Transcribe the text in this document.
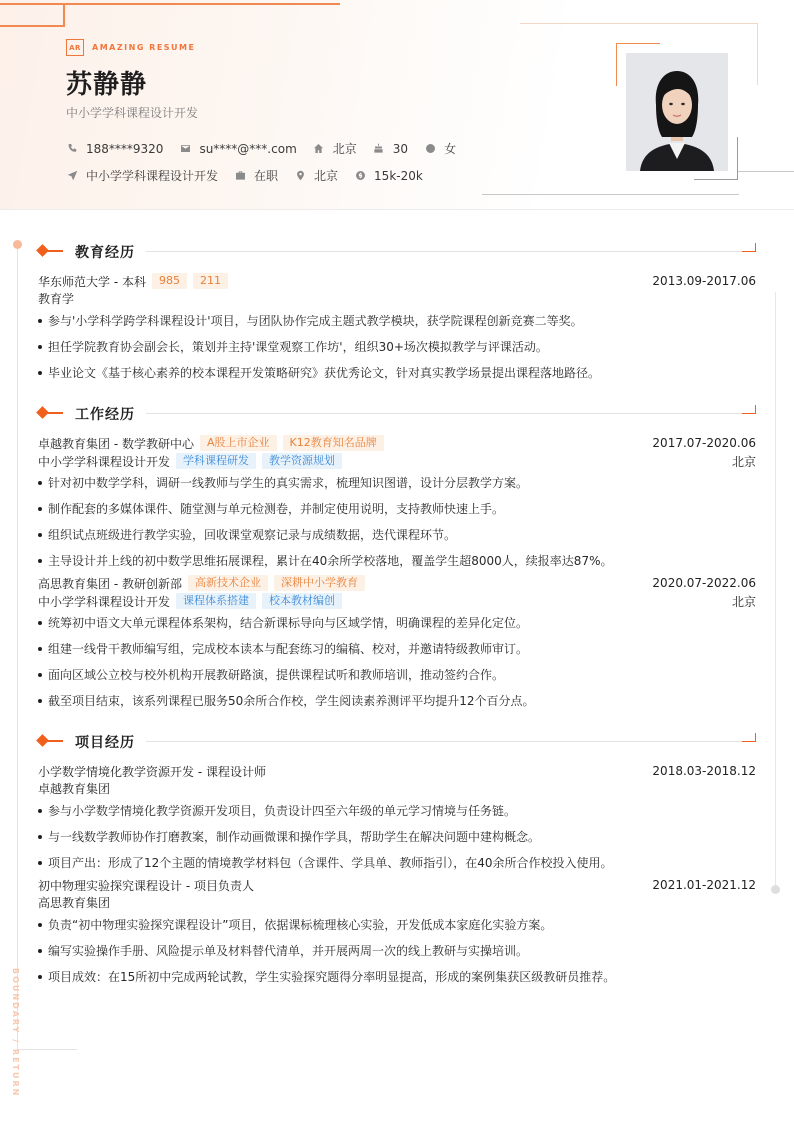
AR	AMAZING RESUME
苏静静
中小学学科课程设计开发
188****9320	su****@***.com	北京	30	女
中小学学科课程设计开发	在职	北京	15k-20k
BOUNDARY / RETURN
教育经历
华东师范大学 - 本科	985	211	2013.09-2017.06
教育学
参与'小学科学跨学科课程设计'项目，与团队协作完成主题式教学模块，获学院课程创新竞赛二等奖。
担任学院教育协会副会长，策划并主持'课堂观察工作坊'，组织30+场次模拟教学与评课活动。
毕业论文《基于核心素养的校本课程开发策略研究》获优秀论文，针对真实教学场景提出课程落地路径。
工作经历
卓越教育集团 - 数学教研中心	A股上市企业	K12教育知名品牌	2017.07-2020.06
中小学学科课程设计开发	学科课程研发	教学资源规划	北京
针对初中数学学科，调研一线教师与学生的真实需求，梳理知识图谱，设计分层教学方案。
制作配套的多媒体课件、随堂测与单元检测卷，并制定使用说明，支持教师快速上手。
组织试点班级进行教学实验，回收课堂观察记录与成绩数据，迭代课程环节。
主导设计并上线的初中数学思维拓展课程，累计在40余所学校落地，覆盖学生超8000人，续报率达87%。
高思教育集团 - 教研创新部	高新技术企业	深耕中小学教育	2020.07-2022.06
中小学学科课程设计开发	课程体系搭建	校本教材编创	北京
统筹初中语文大单元课程体系架构，结合新课标导向与区域学情，明确课程的差异化定位。
组建一线骨干教师编写组，完成校本读本与配套练习的编稿、校对，并邀请特级教师审订。
面向区域公立校与校外机构开展教研路演，提供课程试听和教师培训，推动签约合作。
截至项目结束，该系列课程已服务50余所合作校，学生阅读素养测评平均提升12个百分点。
项目经历
小学数学情境化教学资源开发 - 课程设计师	2018.03-2018.12
卓越教育集团
参与小学数学情境化教学资源开发项目，负责设计四至六年级的单元学习情境与任务链。
与一线数学教师协作打磨教案，制作动画微课和操作学具，帮助学生在解决问题中建构概念。
项目产出：形成了12个主题的情境教学材料包（含课件、学具单、教师指引），在40余所合作校投入使用。
初中物理实验探究课程设计 - 项目负责人	2021.01-2021.12
高思教育集团
负责“初中物理实验探究课程设计”项目，依据课标梳理核心实验，开发低成本家庭化实验方案。
编写实验操作手册、风险提示单及材料替代清单，并开展两周一次的线上教研与实操培训。
项目成效：在15所初中完成两轮试教，学生实验探究题得分率明显提高，形成的案例集获区级教研员推荐。
